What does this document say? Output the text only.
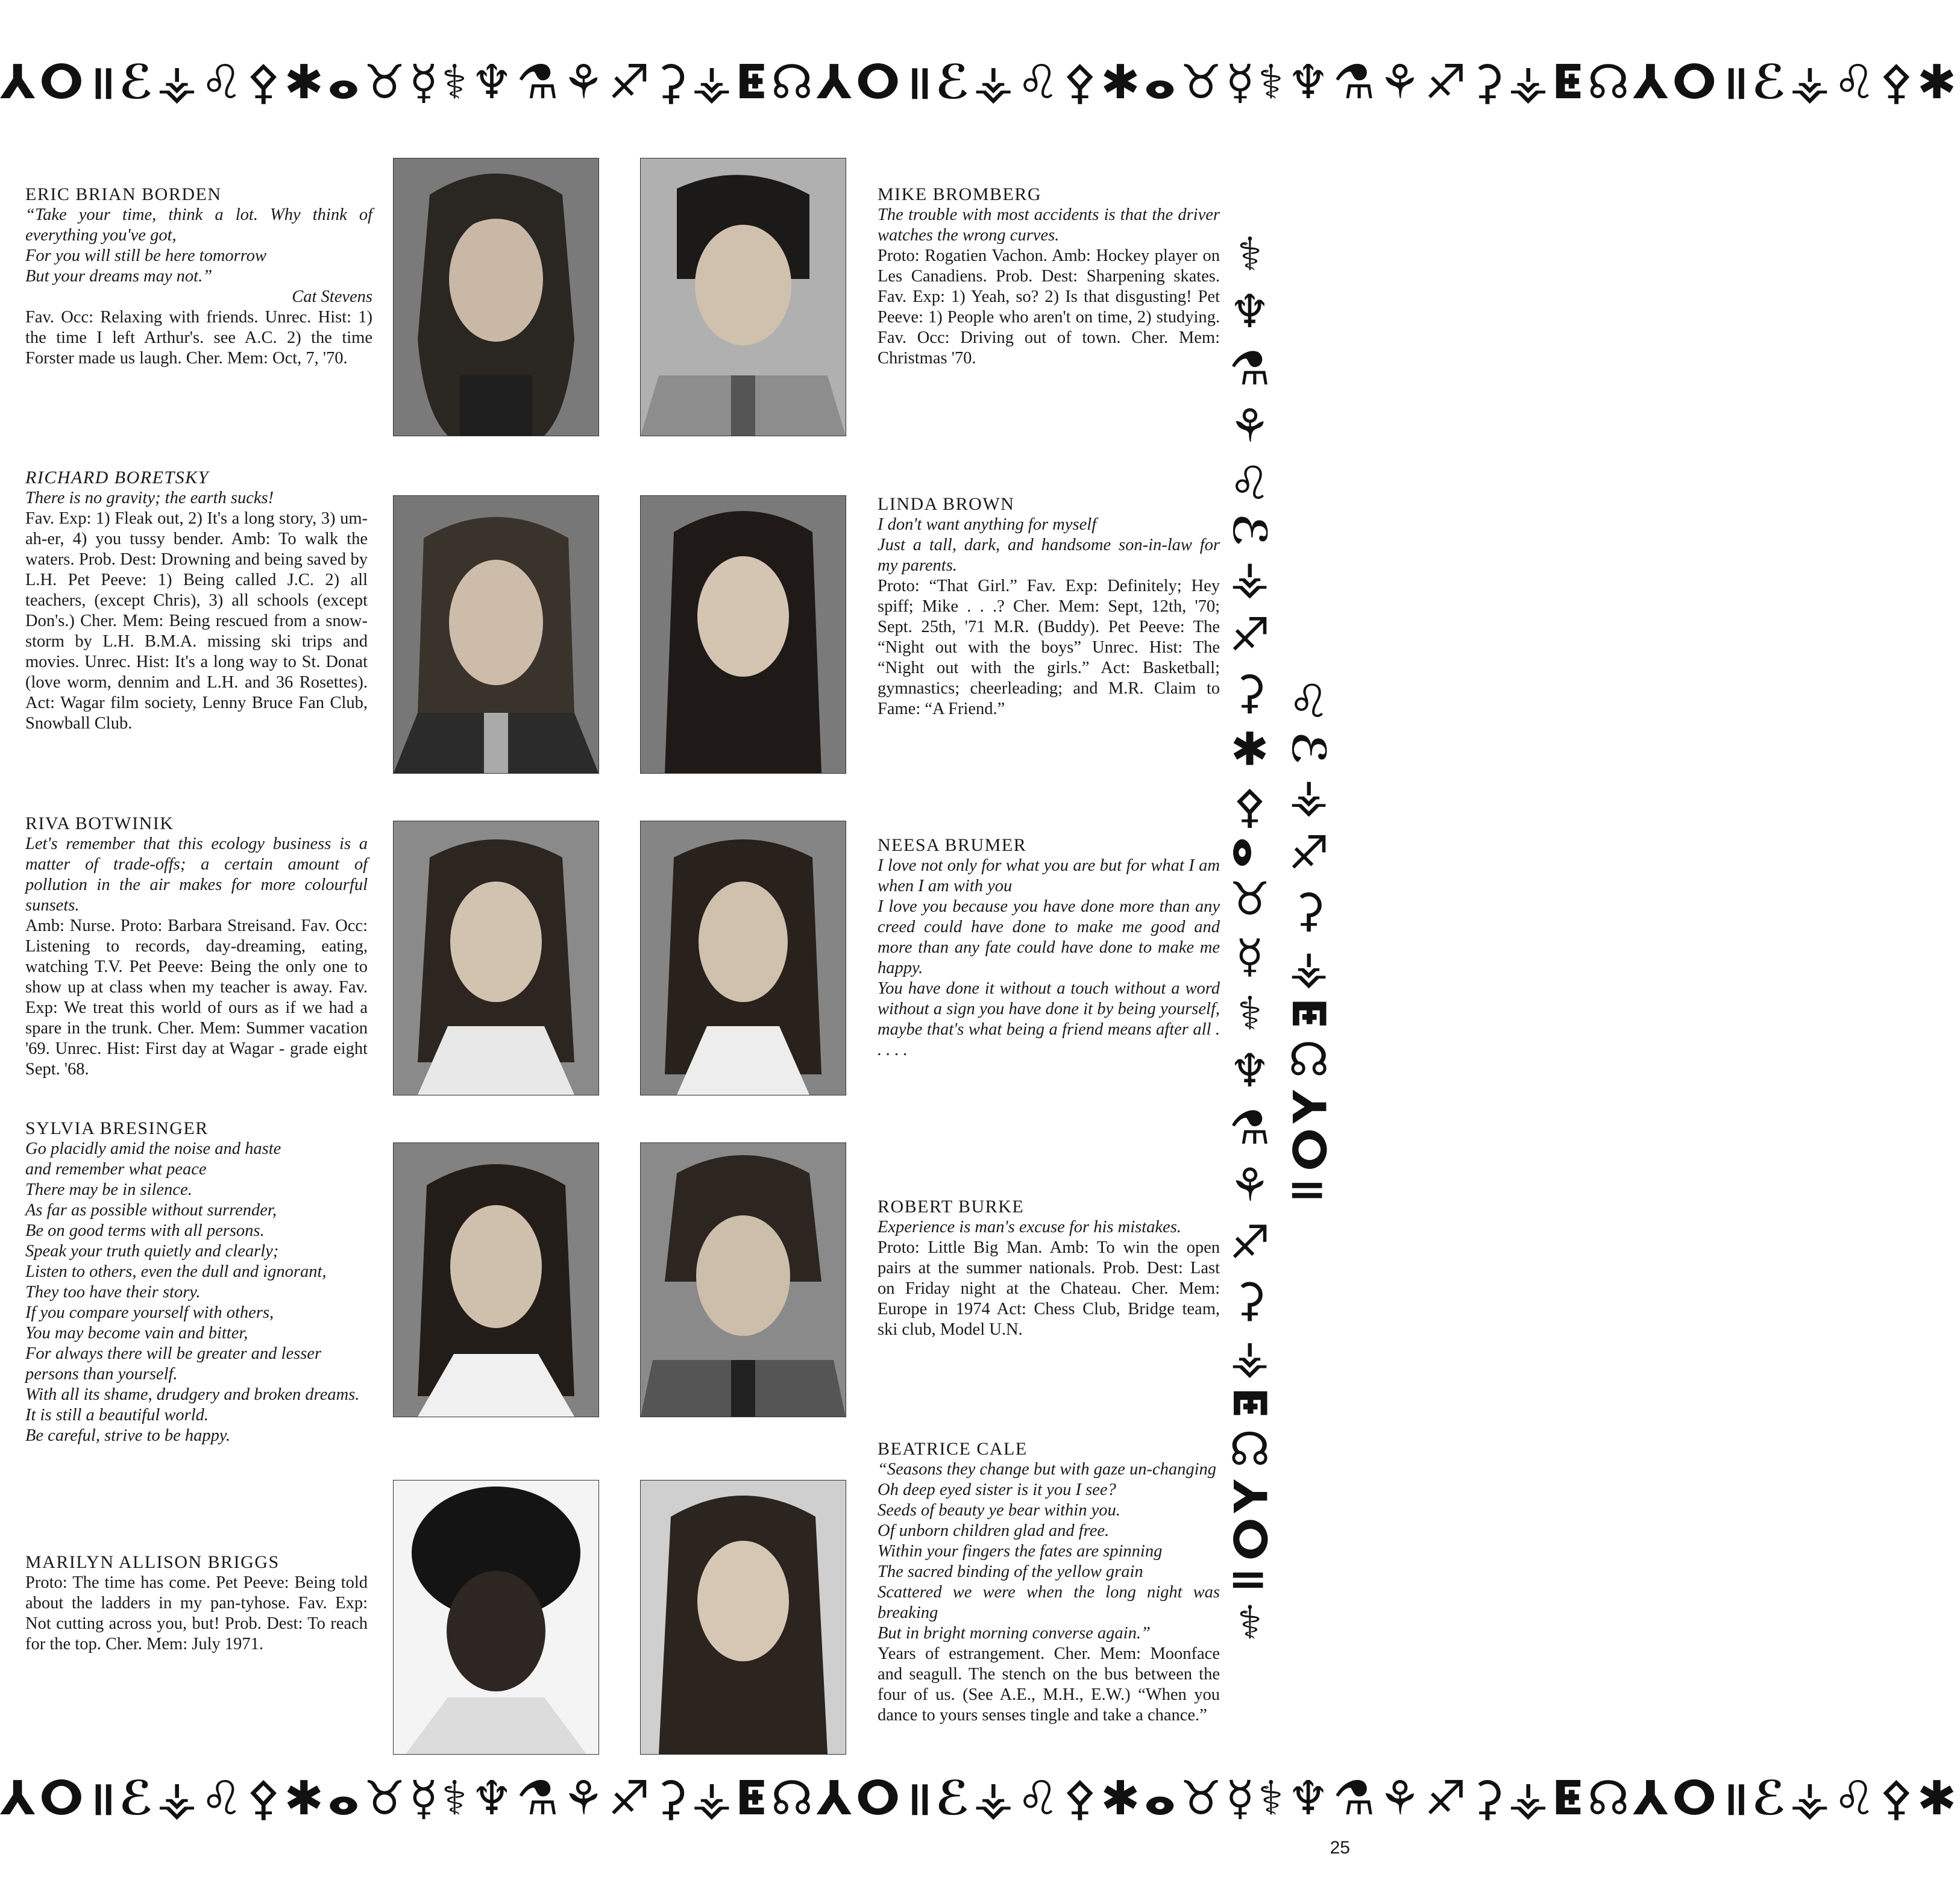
⅄ⵔ॥ℰ⚶♌⚴✱ⴰ♉☿⚕♆⚗⚘♐⚳⚶ⵟ☊⅄ⵔ॥ℰ⚶♌⚴✱ⴰ♉☿⚕♆⚗⚘♐⚳⚶ⵟ☊⅄ⵔ॥ℰ⚶♌⚴✱
♌ℰ⚶♐⚳⚶ⵟ☊⅄ⵔ॥⚕♆⚗⚘♌ℰ⚶♐⚳✱⚴ⴰ♉☿⚕♆⚗⚘♐⚳⚶ⵟ☊⅄ⵔ॥⚕
⅄ⵔ॥ℰ⚶♌⚴✱ⴰ♉☿⚕♆⚗⚘♐⚳⚶ⵟ☊⅄ⵔ॥ℰ⚶♌⚴✱ⴰ♉☿⚕♆⚗⚘♐⚳⚶ⵟ☊⅄ⵔ॥ℰ⚶♌⚴✱

ERIC BRIAN BORDEN

“Take your time, think a lot. Why think of everything you've got,
For you will still be here tomorrow
But your dreams may not.”

Cat Stevens

Fav. Occ: Relaxing with friends. Unrec. Hist: 1) the time I left Arthur's. see A.C. 2) the time Forster made us laugh. Cher. Mem: Oct, 7, '70.

RICHARD BORETSKY

There is no gravity; the earth sucks!

Fav. Exp: 1) Fleak out, 2) It's a long story, 3) um-ah-er, 4) you tussy bender. Amb: To walk the waters. Prob. Dest: Drowning and being saved by L.H. Pet Peeve: 1) Being called J.C. 2) all teachers, (except Chris), 3) all schools (except Don's.) Cher. Mem: Being rescued from a snow-storm by L.H. B.M.A. missing ski trips and movies. Unrec. Hist: It's a long way to St. Donat (love worm, dennim and L.H. and 36 Rosettes). Act: Wagar film society, Lenny Bruce Fan Club, Snowball Club.

RIVA BOTWINIK

Let's remember that this ecology business is a matter of trade-offs; a certain amount of pollution in the air makes for more colourful sunsets.

Amb: Nurse. Proto: Barbara Streisand. Fav. Occ: Listening to records, day-dreaming, eating, watching T.V. Pet Peeve: Being the only one to show up at class when my teacher is away. Fav. Exp: We treat this world of ours as if we had a spare in the trunk. Cher. Mem: Summer vacation '69. Unrec. Hist: First day at Wagar - grade eight Sept. '68.

SYLVIA BRESINGER

Go placidly amid the noise and haste
and remember what peace
There may be in silence.
As far as possible without surrender,
Be on good terms with all persons.
Speak your truth quietly and clearly;
Listen to others, even the dull and ignorant,
They too have their story.
If you compare yourself with others,
You may become vain and bitter,
For always there will be greater and lesser persons than yourself.
With all its shame, drudgery and broken dreams.
It is still a beautiful world.
Be careful, strive to be happy.

MARILYN ALLISON BRIGGS

Proto: The time has come. Pet Peeve: Being told about the ladders in my pan-tyhose. Fav. Exp: Not cutting across you, but! Prob. Dest: To reach for the top. Cher. Mem: July 1971.

MIKE BROMBERG

The trouble with most accidents is that the driver watches the wrong curves.

Proto: Rogatien Vachon. Amb: Hockey player on Les Canadiens. Prob. Dest: Sharpening skates. Fav. Exp: 1) Yeah, so? 2) Is that disgusting! Pet Peeve: 1) People who aren't on time, 2) studying. Fav. Occ: Driving out of town. Cher. Mem: Christmas '70.

LINDA BROWN

I don't want anything for myself
Just a tall, dark, and handsome son-in-law for my parents.

Proto: “That Girl.” Fav. Exp: Definitely; Hey spiff; Mike . . .? Cher. Mem: Sept, 12th, '70; Sept. 25th, '71 M.R. (Buddy). Pet Peeve: The “Night out with the boys” Unrec. Hist: The “Night out with the girls.” Act: Basketball; gymnastics; cheerleading; and M.R. Claim to Fame: “A Friend.”

NEESA BRUMER

I love not only for what you are but for what I am when I am with you
I love you because you have done more than any creed could have done to make me good and more than any fate could have done to make me happy.
You have done it without a touch without a word without a sign you have done it by being yourself, maybe that's what being a friend means after all . . . . .

ROBERT BURKE

Experience is man's excuse for his mistakes.

Proto: Little Big Man. Amb: To win the open pairs at the summer nationals. Prob. Dest: Last on Friday night at the Chateau. Cher. Mem: Europe in 1974 Act: Chess Club, Bridge team, ski club, Model U.N.

BEATRICE CALE

“Seasons they change but with gaze un-changing
Oh deep eyed sister is it you I see?
Seeds of beauty ye bear within you.
Of unborn children glad and free.
Within your fingers the fates are spinning
The sacred binding of the yellow grain
Scattered we were when the long night was breaking
But in bright morning converse again.”

Years of estrangement. Cher. Mem: Moonface and seagull. The stench on the bus between the four of us. (See A.E., M.H., E.W.) “When you dance to yours senses tingle and take a chance.”

25
